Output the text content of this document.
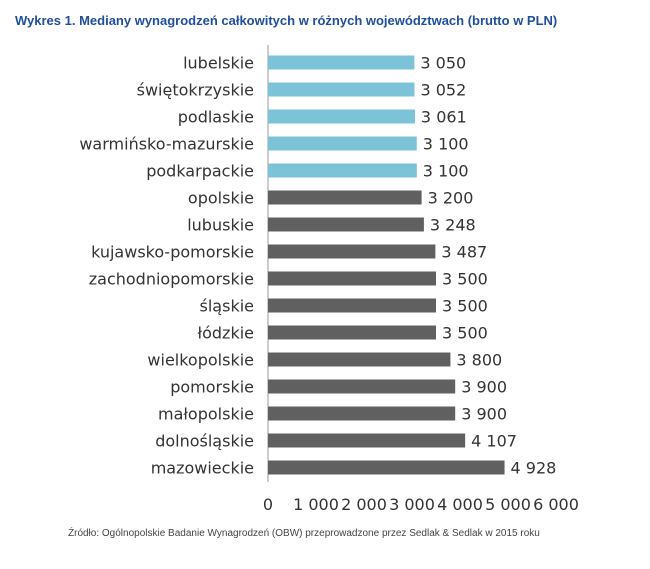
Wykres 1. Mediany wynagrodzeń całkowitych w różnych województwach (brutto w PLN)
lubelskie	3 050
świętokrzyskie	3 052
podlaskie	3 061
warmińsko-mazurskie	3 100
podkarpackie	3 100
opolskie	3 200
lubuskie	3 248
kujawsko-pomorskie	3 487
zachodniopomorskie	3 500
śląskie	3 500
łódzkie	3 500
wielkopolskie	3 800
pomorskie	3 900
małopolskie	3 900
dolnośląskie	4 107
mazowieckie	4 928
0 1 000 2 000 3 000 4 000 5 000 6 000
Źródło: Ogólnopolskie Badanie Wynagrodzeń (OBW) przeprowadzone przez Sedlak & Sedlak w 2015 roku
